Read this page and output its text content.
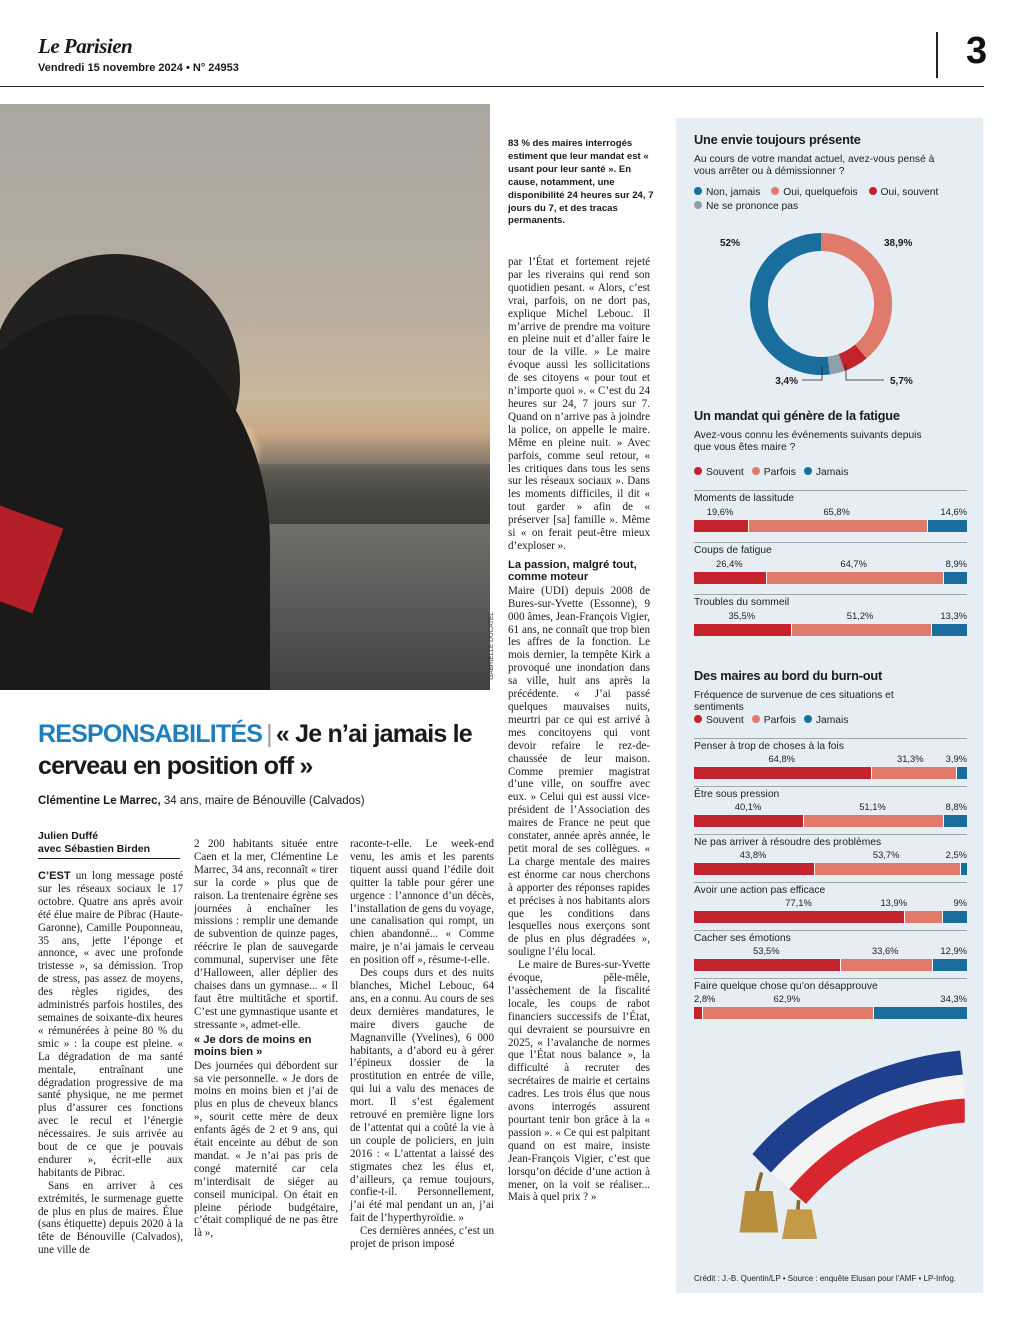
Le Parisien
Vendredi 15 novembre 2024 • N° 24953	3
GABRIELLE DUCATEL
83 % des maires interrogés estiment que leur mandat est « usant pour leur santé ». En cause, notamment, une disponibilité 24 heures sur 24, 7 jours du 7, et des tracas permanents.
RESPONSABILITÉS | « Je n’ai jamais le cerveau en position off »
Clémentine Le Marrec, 34 ans, maire de Bénouville (Calvados)
Julien Duffé
avec Sébastien Birden

C’EST un long message posté sur les réseaux sociaux le 17 octobre. Quatre ans après avoir été élue maire de Pibrac (Haute-Garonne), Camille Pouponneau, 35 ans, jette l’éponge et annonce, « avec une profonde tristesse », sa démission. Trop de stress, pas assez de moyens, des règles rigides, des administrés parfois hostiles, des semaines de soixante-dix heures « rémunérées à peine 80 % du smic » : la coupe est pleine. « La dégradation de ma santé mentale, entraînant une dégradation progressive de ma santé physique, ne me permet plus d’assurer ces fonctions avec le recul et l’énergie nécessaires. Je suis arrivée au bout de ce que je pouvais endurer », écrit-elle aux habitants de Pibrac.

Sans en arriver à ces extrémités, le surmenage guette de plus en plus de maires. Élue (sans étiquette) depuis 2020 à la tête de Bénouville (Calvados), une ville de

2 200 habitants située entre Caen et la mer, Clémentine Le Marrec, 34 ans, reconnaît « tirer sur la corde » plus que de raison. La trentenaire égrène ses journées à enchaîner les missions : remplir une demande de subvention de quinze pages, réécrire le plan de sauvegarde communal, superviser une fête d’Halloween, aller déplier des chaises dans un gymnase... « Il faut être multitâche et sportif. C’est une gymnastique usante et stressante », admet-elle.

« Je dors de moins en moins bien »

Des journées qui débordent sur sa vie personnelle. « Je dors de moins en moins bien et j’ai de plus en plus de cheveux blancs », sourit cette mère de deux enfants âgés de 2 et 9 ans, qui était enceinte au début de son mandat. « Je n’ai pas pris de congé maternité car cela m’interdisait de siéger au conseil municipal. On était en pleine période budgétaire, c’était compliqué de ne pas être là »,

raconte-t-elle. Le week-end venu, les amis et les parents tiquent aussi quand l’édile doit quitter la table pour gérer une urgence : l’annonce d’un décès, l’installation de gens du voyage, une canalisation qui rompt, un chien abandonné... « Comme maire, je n’ai jamais le cerveau en position off », résume-t-elle.

Des coups durs et des nuits blanches, Michel Lebouc, 64 ans, en a connu. Au cours de ses deux dernières mandatures, le maire divers gauche de Magnanville (Yvelines), 6 000 habitants, a d’abord eu à gérer l’épineux dossier de la prostitution en entrée de ville, qui lui a valu des menaces de mort. Il s’est également retrouvé en première ligne lors de l’attentat qui a coûté la vie à un couple de policiers, en juin 2016 : « L’attentat a laissé des stigmates chez les élus et, d’ailleurs, ça remue toujours, confie-t-il. Personnellement, j’ai été mal pendant un an, j’ai fait de l’hyperthyroïdie. »

Ces dernières années, c’est un projet de prison imposé

par l’État et fortement rejeté par les riverains qui rend son quotidien pesant. « Alors, c’est vrai, parfois, on ne dort pas, explique Michel Lebouc. Il m’arrive de prendre ma voiture en pleine nuit et d’aller faire le tour de la ville. » Le maire évoque aussi les sollicitations de ses citoyens « pour tout et n’importe quoi ». « C’est du 24 heures sur 24, 7 jours sur 7. Quand on n’arrive pas à joindre la police, on appelle le maire. Même en pleine nuit. » Avec parfois, comme seul retour, « les critiques dans tous les sens sur les réseaux sociaux ». Dans les moments difficiles, il dit « tout garder » afin de « préserver [sa] famille ». Même si « on ferait peut-être mieux d’exploser ».

La passion, malgré tout, comme moteur

Maire (UDI) depuis 2008 de Bures-sur-Yvette (Essonne), 9 000 âmes, Jean-François Vigier, 61 ans, ne connaît que trop bien les affres de la fonction. Le mois dernier, la tempête Kirk a provoqué une inondation dans sa ville, huit ans après la précédente. « J’ai passé quelques mauvaises nuits, meurtri par ce qui est arrivé à mes concitoyens qui vont devoir refaire le rez-de-chaussée de leur maison. Comme premier magistrat d’une ville, on souffre avec eux. » Celui qui est aussi vice-président de l’Association des maires de France ne peut que constater, année après année, le petit moral de ses collègues. « La charge mentale des maires est énorme car nous cherchons à apporter des réponses rapides et précises à nos habitants alors que les conditions dans lesquelles nous exerçons sont de plus en plus dégradées », souligne l’élu local.

Le maire de Bures-sur-Yvette évoque, pêle-mêle, l’assèchement de la fiscalité locale, les coups de rabot financiers successifs de l’État, qui devraient se poursuivre en 2025, « l’avalanche de normes que l’État nous balance », la difficulté à recruter des secrétaires de mairie et certains cadres. Les trois élus que nous avons interrogés assurent pourtant tenir bon grâce à la « passion ». « Ce qui est palpitant quand on est maire, insiste Jean-François Vigier, c’est que lorsqu’on décide d’une action à mener, on la voit se réaliser... Mais à quel prix ? »

Une envie toujours présente
Au cours de votre mandat actuel, avez-vous pensé à vous arrêter ou à démissionner ?
Non, jamais Oui, quelquefois Oui, souvent
Ne se prononce pas
52%	38,9%
5,7%
3,4%
Un mandat qui génère de la fatigue
Avez-vous connu les événements suivants depuis que vous êtes maire ?
Souvent Parfois Jamais
Moments de lassitude
19,6%	65,8%	14,6%
Coups de fatigue
26,4%	64,7%	8,9%
Troubles du sommeil
35,5%	51,2%	13,3%
Des maires au bord du burn-out
Fréquence de survenue de ces situations et sentiments
Souvent Parfois Jamais
Penser à trop de choses à la fois
64,8%	31,3% 3,9%
Être sous pression
40,1%	51,1%	8,8%
Ne pas arriver à résoudre des problèmes
43,8%	53,7%	2,5%
Avoir une action pas efficace
77,1%	13,9%	9%
Cacher ses émotions
53,5%	33,6%	12,9%
Faire quelque chose qu’on désapprouve
2,8%	62,9%	34,3%
Crédit : J.-B. Quentin/LP • Source : enquête Elusan pour l’AMF • LP-Infog.
